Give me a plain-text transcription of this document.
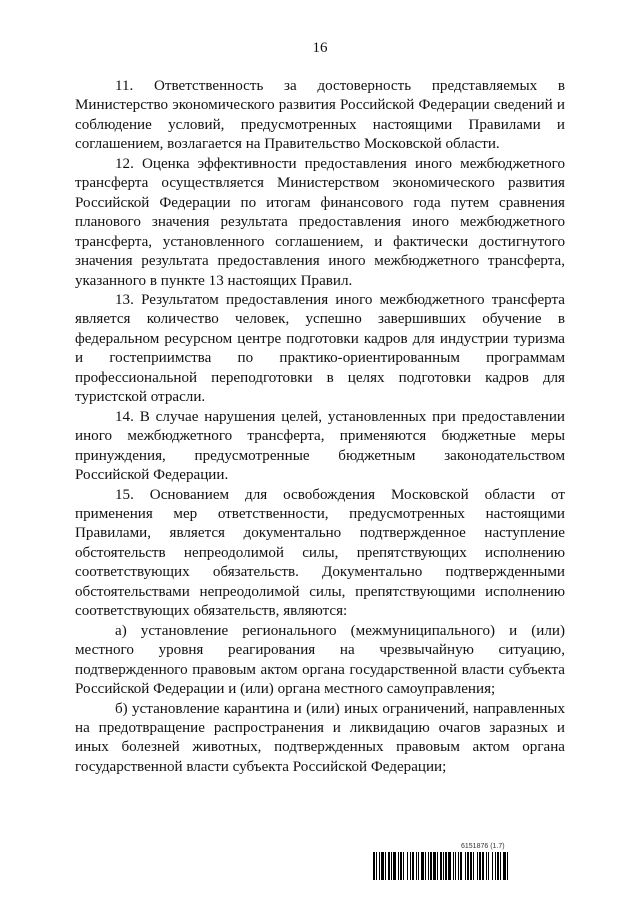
16

11. Ответственность за достоверность представляемых в Министерство экономического развития Российской Федерации сведений и соблюдение условий, предусмотренных настоящими Правилами и соглашением, возлагается на Правительство Московской области.

12. Оценка эффективности предоставления иного межбюджетного трансферта осуществляется Министерством экономического развития Российской Федерации по итогам финансового года путем сравнения планового значения результата предоставления иного межбюджетного трансферта, установленного соглашением, и фактически достигнутого значения результата предоставления иного межбюджетного трансферта, указанного в пункте 13 настоящих Правил.

13. Результатом предоставления иного межбюджетного трансферта является количество человек, успешно завершивших обучение в федеральном ресурсном центре подготовки кадров для индустрии туризма и гостеприимства по практико-ориентированным программам профессиональной переподготовки в целях подготовки кадров для туристской отрасли.

14. В случае нарушения целей, установленных при предоставлении иного межбюджетного трансферта, применяются бюджетные меры принуждения, предусмотренные бюджетным законодательством Российской Федерации.

15. Основанием для освобождения Московской области от применения мер ответственности, предусмотренных настоящими Правилами, является документально подтвержденное наступление обстоятельств непреодолимой силы, препятствующих исполнению соответствующих обязательств. Документально подтвержденными обстоятельствами непреодолимой силы, препятствующими исполнению соответствующих обязательств, являются:

а) установление регионального (межмуниципального) и (или) местного уровня реагирования на чрезвычайную ситуацию, подтвержденного правовым актом органа государственной власти субъекта Российской Федерации и (или) органа местного самоуправления;

б) установление карантина и (или) иных ограничений, направленных на предотвращение распространения и ликвидацию очагов заразных и иных болезней животных, подтвержденных правовым актом органа государственной власти субъекта Российской Федерации;

6151876 (1.7)
